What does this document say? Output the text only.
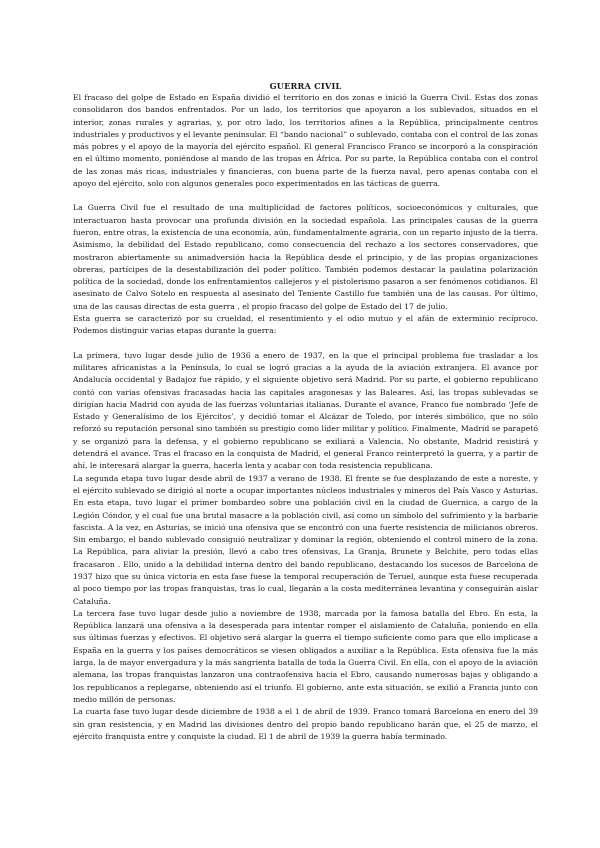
GUERRA CIVIL

El fracaso del golpe de Estado en España dividió el territorio en dos zonas e inició la Guerra Civil. Estas dos zonas consolidaron dos bandos enfrentados. Por un lado, los territorios que apoyaron a los sublevados, situados en el interior, zonas rurales y agrarias, y, por otro lado, los territorios afines a la República, principalmente centros industriales y productivos y el levante peninsular. El “bando nacional” o sublevado, contaba con el control de las zonas más pobres y el apoyo de la mayoría del ejército español. El general Francisco Franco se incorporó a la conspiración en el último momento, poniéndose al mando de las tropas en África. Por su parte, la República contaba con el control de las zonas más ricas, industriales y financieras, con buena parte de la fuerza naval, pero apenas contaba con el apoyo del ejército, solo con algunos generales poco experimentados en las tácticas de guerra.

La Guerra Civil fue el resultado de una multiplicidad de factores políticos, socioeconómicos y culturales, que interactuaron hasta provocar una profunda división en la sociedad española. Las principales causas de la guerra fueron, entre otras, la existencia de una economía, aún, fundamentalmente agraria, con un reparto injusto de la tierra. Asimismo, la debilidad del Estado republicano, como consecuencia del rechazo a los sectores conservadores, que mostraron abiertamente su animadversión hacia la República desde el principio, y de las propias organizaciones obreras, partícipes de la desestabilización del poder político. También podemos destacar la paulatina polarización política de la sociedad, donde los enfrentamientos callejeros y el pistolerismo pasaron a ser fenómenos cotidianos. El asesinato de Calvo Sotelo en respuesta al asesinato del Teniente Castillo fue también una de las causas. Por último, una de las causas directas de esta guerra , el propio fracaso del golpe de Estado del 17 de julio.

Esta guerra se caracterizó por su crueldad, el resentimiento y el odio mutuo y el afán de exterminio recíproco. Podemos distinguir varias etapas durante la guerra:

La primera, tuvo lugar desde julio de 1936 a enero de 1937, en la que el principal problema fue trasladar a los militares africanistas a la Península, lo cual se logró gracias a la ayuda de la aviación extranjera. El avance por Andalucía occidental y Badajoz fue rápido, y el siguiente objetivo será Madrid. Por su parte, el gobierno republicano contó con varias ofensivas fracasadas hacia las capitales aragonesas y las Baleares. Así, las tropas sublevadas se dirigían hacia Madrid con ayuda de las fuerzas voluntarias italianas. Durante el avance, Franco fue nombrado ‘Jefe de Estado y Generalísimo de los Ejércitos’, y decidió tomar el Alcázar de Toledo, por interés simbólico, que no sólo reforzó su reputación personal sino también su prestigio como líder militar y político. Finalmente, Madrid se parapetó y se organizó para la defensa, y el gobierno republicano se exiliará a Valencia. No obstante, Madrid resistirá y detendrá el avance. Tras el fracaso en la conquista de Madrid, el general Franco reinterpretó la guerra, y a partir de ahí, le interesará alargar la guerra, hacerla lenta y acabar con toda resistencia republicana.

La segunda etapa tuvo lugar desde abril de 1937 a verano de 1938. El frente se fue desplazando de este a noreste, y el ejército sublevado se dirigió al norte a ocupar importantes núcleos industriales y mineros del País Vasco y Asturias. En esta etapa, tuvo lugar el primer bombardeo sobre una población civil en la ciudad de Guernica, a cargo de la Legión Cóndor, y el cual fue una brutal masacre a la población civil, así como un símbolo del sufrimiento y la barbarie fascista. A la vez, en Asturias, se inició una ofensiva que se encontró con una fuerte resistencia de milicianos obreros. Sin embargo, el bando sublevado consiguió neutralizar y dominar la región, obteniendo el control minero de la zona. La República, para aliviar la presión, llevó a cabo tres ofensivas, La Granja, Brunete y Belchite, pero todas ellas fracasaron . Ello, unido a la debilidad interna dentro del bando republicano, destacando los sucesos de Barcelona de 1937 hizo que su única victoria en esta fase fuese la temporal recuperación de Teruel, aunque esta fuese recuperada al poco tiempo por las tropas franquistas, tras lo cual, llegarán a la costa mediterránea levantina y conseguirán aislar Cataluña.

La tercera fase tuvo lugar desde julio a noviembre de 1938, marcada por la famosa batalla del Ebro. En esta, la República lanzará una ofensiva a la desesperada para intentar romper el aislamiento de Cataluña, poniendo en ella sus últimas fuerzas y efectivos. El objetivo será alargar la guerra el tiempo suficiente como para que ello implicase a España en la guerra y los países democráticos se viesen obligados a auxiliar a la República. Esta ofensiva fue la más larga, la de mayor envergadura y la más sangrienta batalla de toda la Guerra Civil. En ella, con el apoyo de la aviación alemana, las tropas franquistas lanzaron una contraofensiva hacia el Ebro, causando numerosas bajas y obligando a los republicanos a replegarse, obteniendo así el triunfo. El gobierno, ante esta situación, se exilió a Francia junto con medio millón de personas.

La cuarta fase tuvo lugar desde diciembre de 1938 a el 1 de abril de 1939. Franco tomará Barcelona en enero del 39 sin gran resistencia, y en Madrid las divisiones dentro del propio bando republicano harán que, el 25 de marzo, el ejército franquista entre y conquiste la ciudad. El 1 de abril de 1939 la guerra había terminado.
